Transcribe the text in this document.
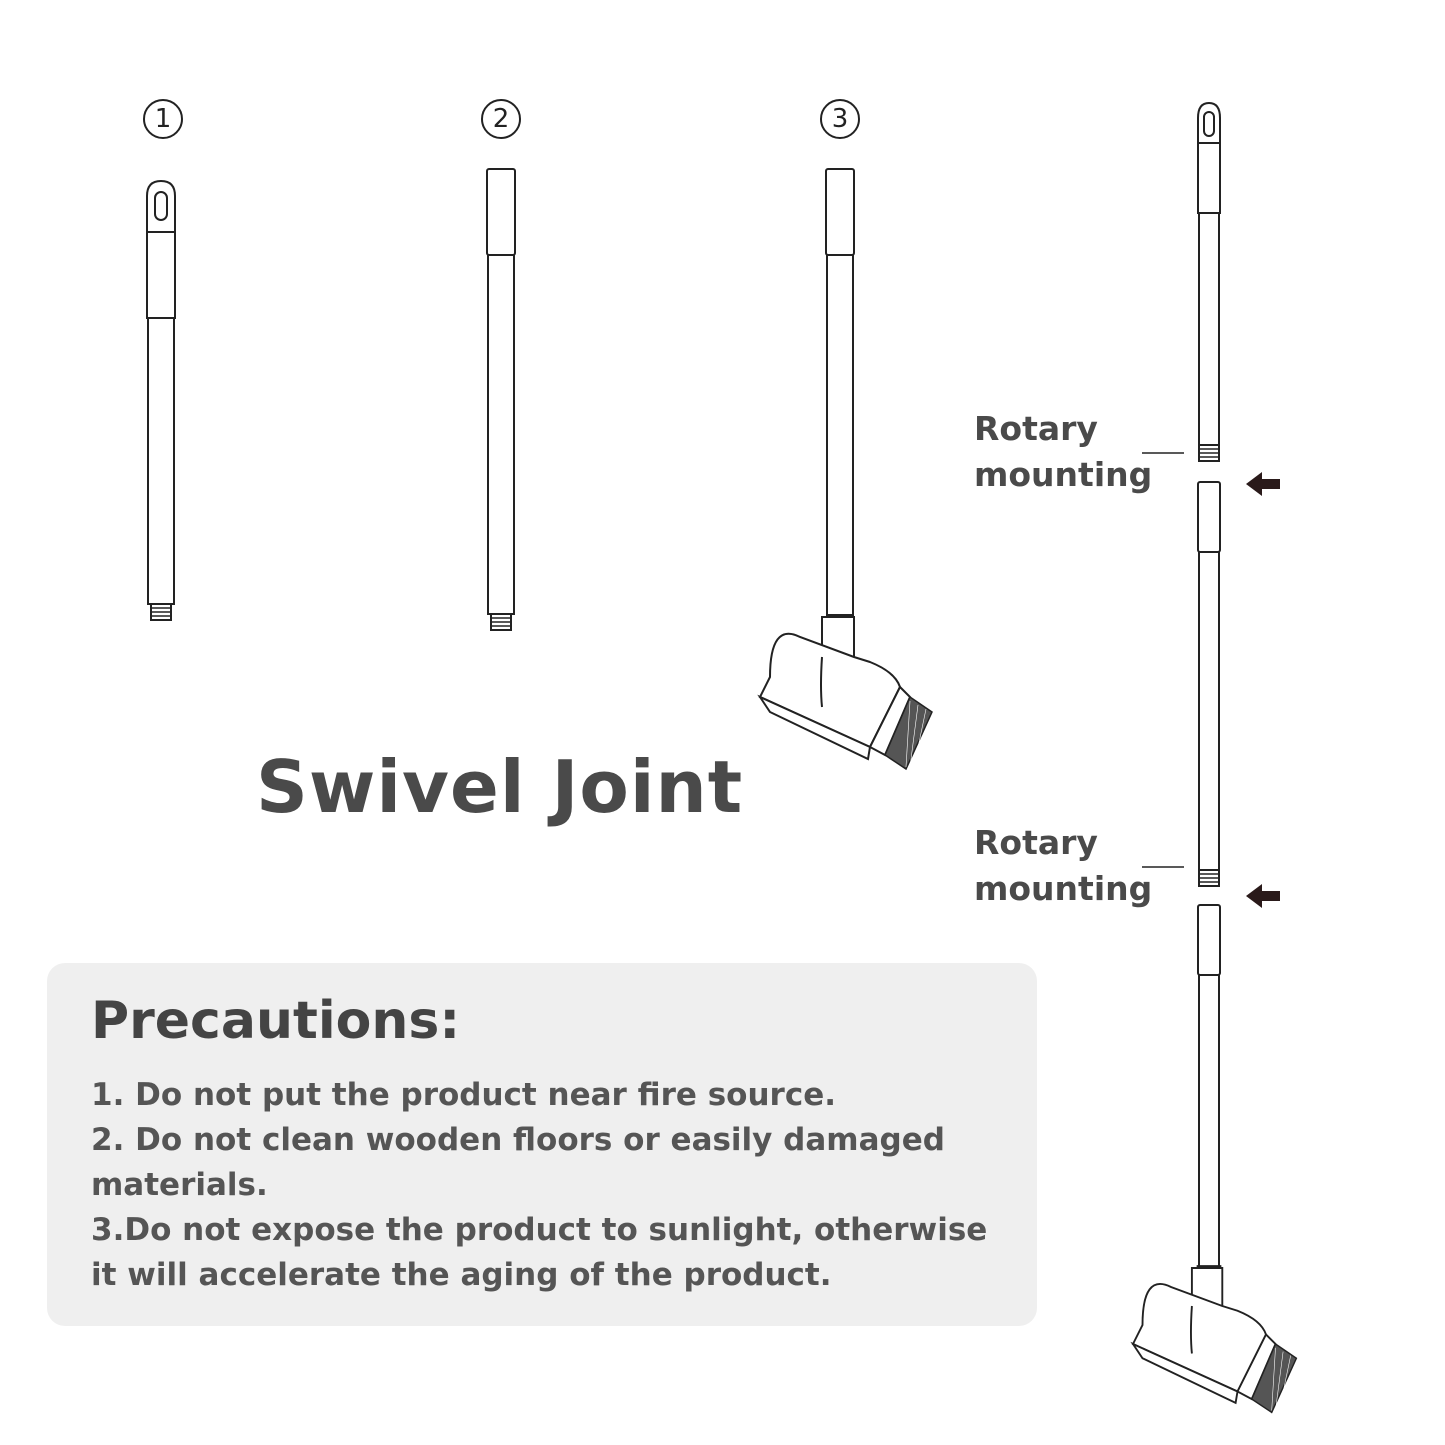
1	2	3
Swivel Joint
Rotary
mounting
Rotary
mounting
Precautions:
1. Do not put the product near fire source.
2. Do not clean wooden floors or easily damaged materials.
3.Do not expose the product to sunlight, otherwise it will accelerate the aging of the product.
